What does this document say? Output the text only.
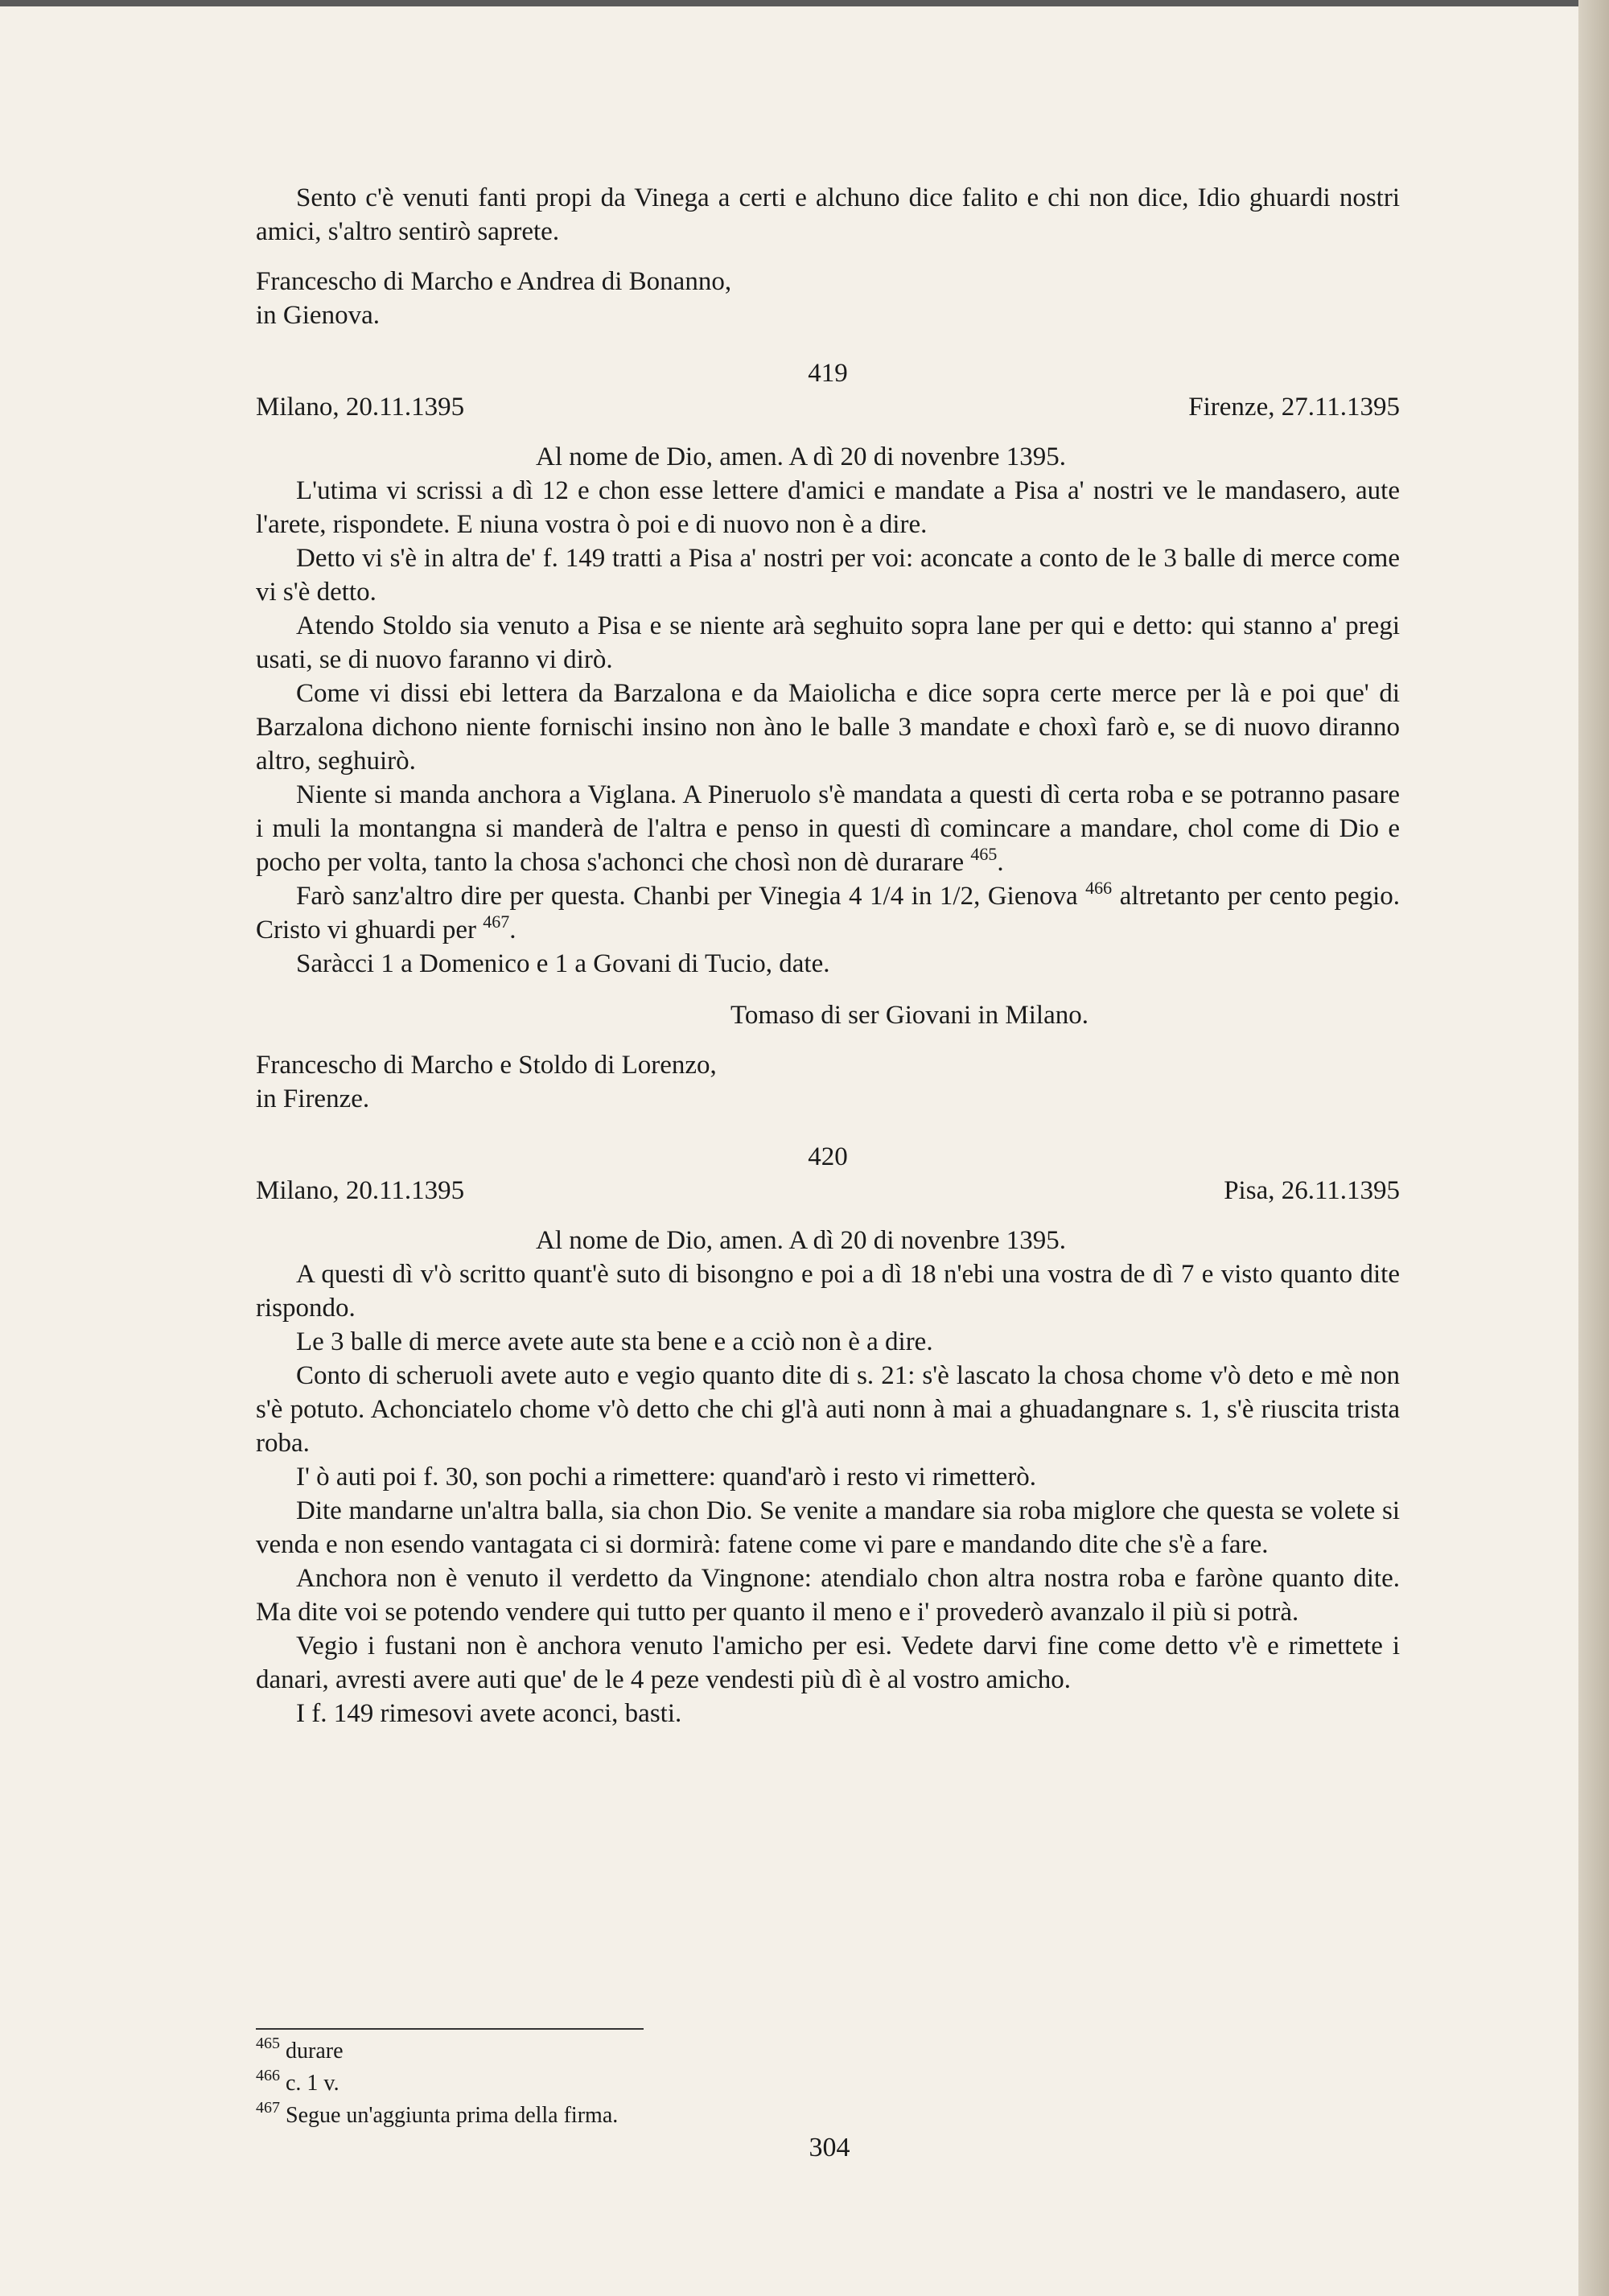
Sento c'è venuti fanti propi da Vinega a certi e alchuno dice falito e chi non dice, Idio ghuardi nostri amici, s'altro sentirò saprete.

Francescho di Marcho e Andrea di Bonanno,

in Gienova.

419

Milano, 20.11.1395	Firenze, 27.11.1395

Al nome de Dio, amen. A dì 20 di novenbre 1395.

L'utima vi scrissi a dì 12 e chon esse lettere d'amici e mandate a Pisa a' nostri ve le mandasero, aute l'arete, rispondete. E niuna vostra ò poi e di nuovo non è a dire.

Detto vi s'è in altra de' f. 149 tratti a Pisa a' nostri per voi: aconcate a conto de le 3 balle di merce come vi s'è detto.

Atendo Stoldo sia venuto a Pisa e se niente arà seghuito sopra lane per qui e detto: qui stanno a' pregi usati, se di nuovo faranno vi dirò.

Come vi dissi ebi lettera da Barzalona e da Maiolicha e dice sopra certe merce per là e poi que' di Barzalona dichono niente fornischi insino non àno le balle 3 mandate e choxì farò e, se di nuovo diranno altro, seghuirò.

Niente si manda anchora a Viglana. A Pineruolo s'è mandata a questi dì certa roba e se potranno pasare i muli la montangna si manderà de l'altra e penso in questi dì comincare a mandare, chol come di Dio e pocho per volta, tanto la chosa s'achonci che chosì non dè durarare $^{465}$.

Farò sanz'altro dire per questa. Chanbi per Vinegia 4 1/4 in 1/2, Gienova $^{466}$ altretanto per cento pegio. Cristo vi ghuardi per $^{467}$.

Saràcci 1 a Domenico e 1 a Govani di Tucio, date.

Tomaso di ser Giovani in Milano.

Francescho di Marcho e Stoldo di Lorenzo,

in Firenze.

420

Milano, 20.11.1395	Pisa, 26.11.1395

Al nome de Dio, amen. A dì 20 di novenbre 1395.

A questi dì v'ò scritto quant'è suto di bisongno e poi a dì 18 n'ebi una vostra de dì 7 e visto quanto dite rispondo.

Le 3 balle di merce avete aute sta bene e a cciò non è a dire.

Conto di scheruoli avete auto e vegio quanto dite di s. 21: s'è lascato la chosa chome v'ò deto e mè non s'è potuto. Achonciatelo chome v'ò detto che chi gl'à auti nonn à mai a ghuadangnare s. 1, s'è riuscita trista roba.

I' ò auti poi f. 30, son pochi a rimettere: quand'arò i resto vi rimetterò.

Dite mandarne un'altra balla, sia chon Dio. Se venite a mandare sia roba miglore che questa se volete si venda e non esendo vantagata ci si dormirà: fatene come vi pare e mandando dite che s'è a fare.

Anchora non è venuto il verdetto da Vingnone: atendialo chon altra nostra roba e faròne quanto dite. Ma dite voi se potendo vendere qui tutto per quanto il meno e i' provederò avanzalo il più si potrà.

Vegio i fustani non è anchora venuto l'amicho per esi. Vedete darvi fine come detto v'è e rimettete i danari, avresti avere auti que' de le 4 peze vendesti più dì è al vostro amicho.

I f. 149 rimesovi avete aconci, basti.

$^{465}$ durare
$^{466}$ c. 1 v.
$^{467}$ Segue un'aggiunta prima della firma.
304
